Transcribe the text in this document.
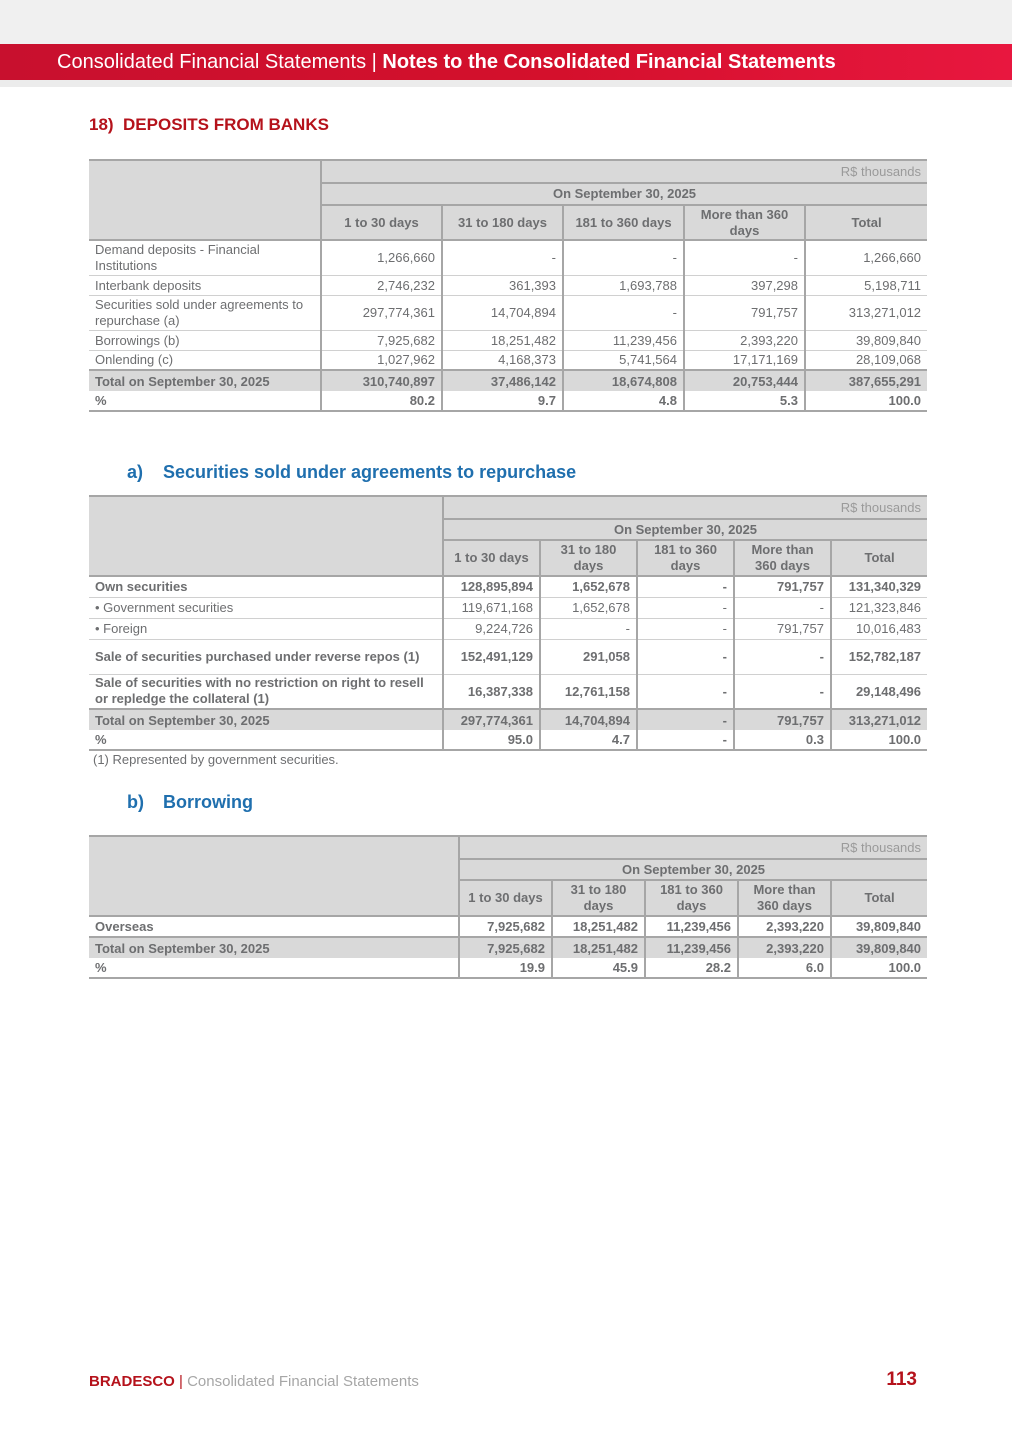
Consolidated Financial Statements | Notes to the Consolidated Financial Statements
18) DEPOSITS FROM BANKS
	R$ thousands				
	On September 30, 2025				
	1 to 30 days	31 to 180 days	181 to 360 days	More than 360 days	Total
Demand deposits - Financial Institutions	1,266,660	-	-	-	1,266,660
Interbank deposits	2,746,232	361,393	1,693,788	397,298	5,198,711
Securities sold under agreements to repurchase (a)	297,774,361	14,704,894	-	791,757	313,271,012
Borrowings (b)	7,925,682	18,251,482	11,239,456	2,393,220	39,809,840
Onlending (c)	1,027,962	4,168,373	5,741,564	17,171,169	28,109,068
Total on September 30, 2025	310,740,897	37,486,142	18,674,808	20,753,444	387,655,291
%	80.2	9.7	4.8	5.3	100.0
a) Securities sold under agreements to repurchase
	R$ thousands				
	On September 30, 2025				
	1 to 30 days	31 to 180 days	181 to 360 days	More than 360 days	Total
Own securities	128,895,894	1,652,678	-	791,757	131,340,329
• Government securities	119,671,168	1,652,678	-	-	121,323,846
• Foreign	9,224,726	-	-	791,757	10,016,483
Sale of securities purchased under reverse repos (1)	152,491,129	291,058	-	-	152,782,187
Sale of securities with no restriction on right to resell or repledge the collateral (1)	16,387,338	12,761,158	-	-	29,148,496
Total on September 30, 2025	297,774,361	14,704,894	-	791,757	313,271,012
%	95.0	4.7	-	0.3	100.0

(1) Represented by government securities.

b) Borrowing
	R$ thousands				
	On September 30, 2025				
	1 to 30 days	31 to 180 days	181 to 360 days	More than 360 days	Total
Overseas	7,925,682	18,251,482	11,239,456	2,393,220	39,809,840
Total on September 30, 2025	7,925,682	18,251,482	11,239,456	2,393,220	39,809,840
%	19.9	45.9	28.2	6.0	100.0

BRADESCO | Consolidated Financial Statements	113
